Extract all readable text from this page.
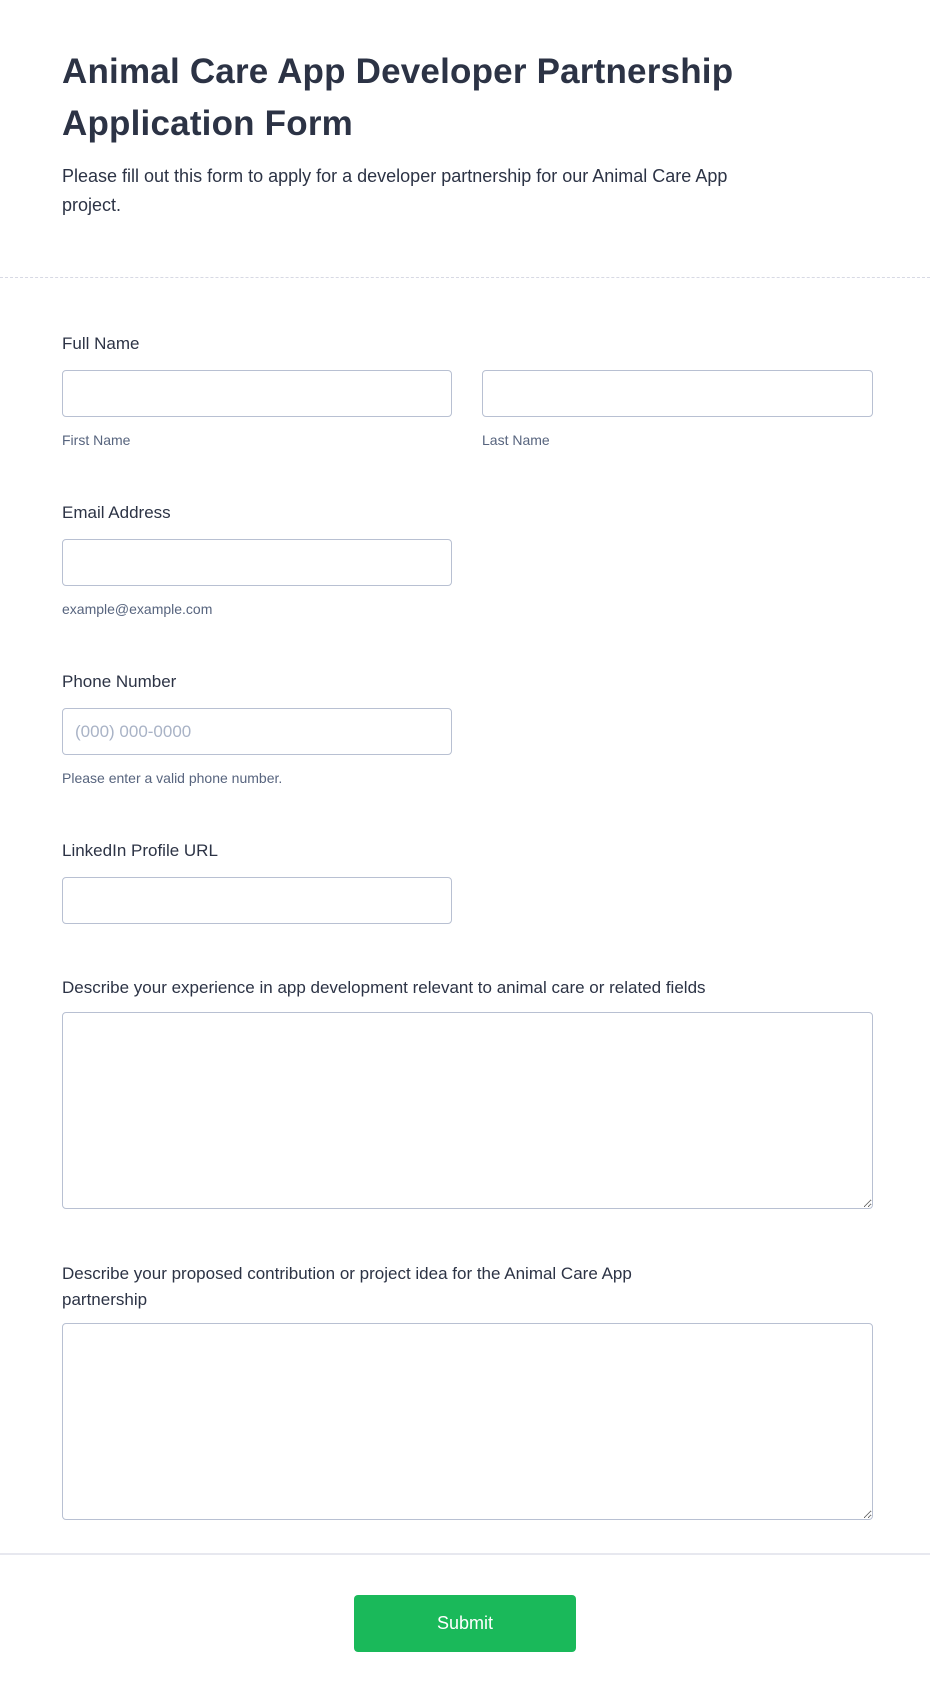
Animal Care App Developer Partnership Application Form
Please fill out this form to apply for a developer partnership for our Animal Care App
project.
Full Name
First Name	Last Name
Email Address
example@example.com
Phone Number
(000) 000-0000
Please enter a valid phone number.
LinkedIn Profile URL
Describe your experience in app development relevant to animal care or related fields
Describe your proposed contribution or project idea for the Animal Care App
partnership
Submit
